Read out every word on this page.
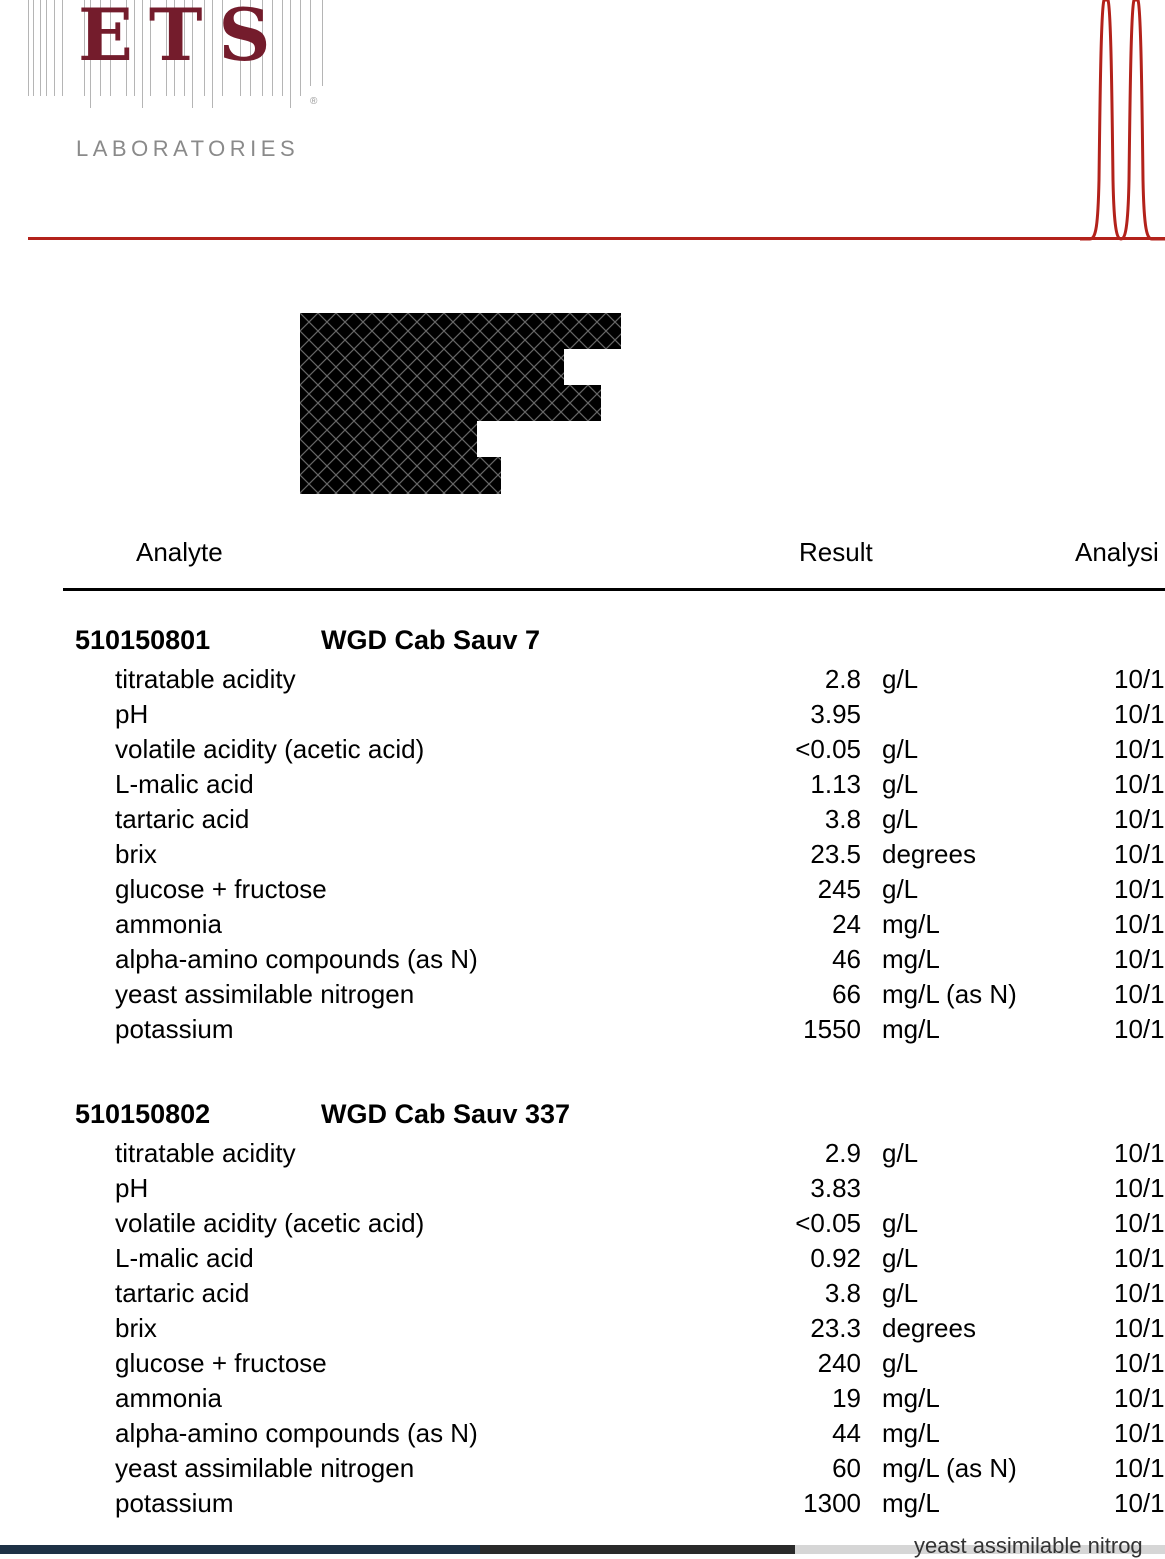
E T S
®
LABORATORIES
Analyte	Result	Analysi
510150801	WGD Cab Sauv 7
titratable acidity	2.8 g/L	10/1
pH	3.95	10/1
volatile acidity (acetic acid)	<0.05 g/L	10/1
L-malic acid	1.13 g/L	10/1
tartaric acid	3.8 g/L	10/1
brix	23.5 degrees	10/1
glucose + fructose	245 g/L	10/1
ammonia	24 mg/L	10/1
alpha-amino compounds (as N)	46 mg/L	10/1
yeast assimilable nitrogen	66 mg/L (as N)	10/1
potassium	1550 mg/L	10/1
510150802	WGD Cab Sauv 337
titratable acidity	2.9 g/L	10/1
pH	3.83	10/1
volatile acidity (acetic acid)	<0.05 g/L	10/1
L-malic acid	0.92 g/L	10/1
tartaric acid	3.8 g/L	10/1
brix	23.3 degrees	10/1
glucose + fructose	240 g/L	10/1
ammonia	19 mg/L	10/1
alpha-amino compounds (as N)	44 mg/L	10/1
yeast assimilable nitrogen	60 mg/L (as N)	10/1
potassium	1300 mg/L	10/1
yeast assimilable nitrog
